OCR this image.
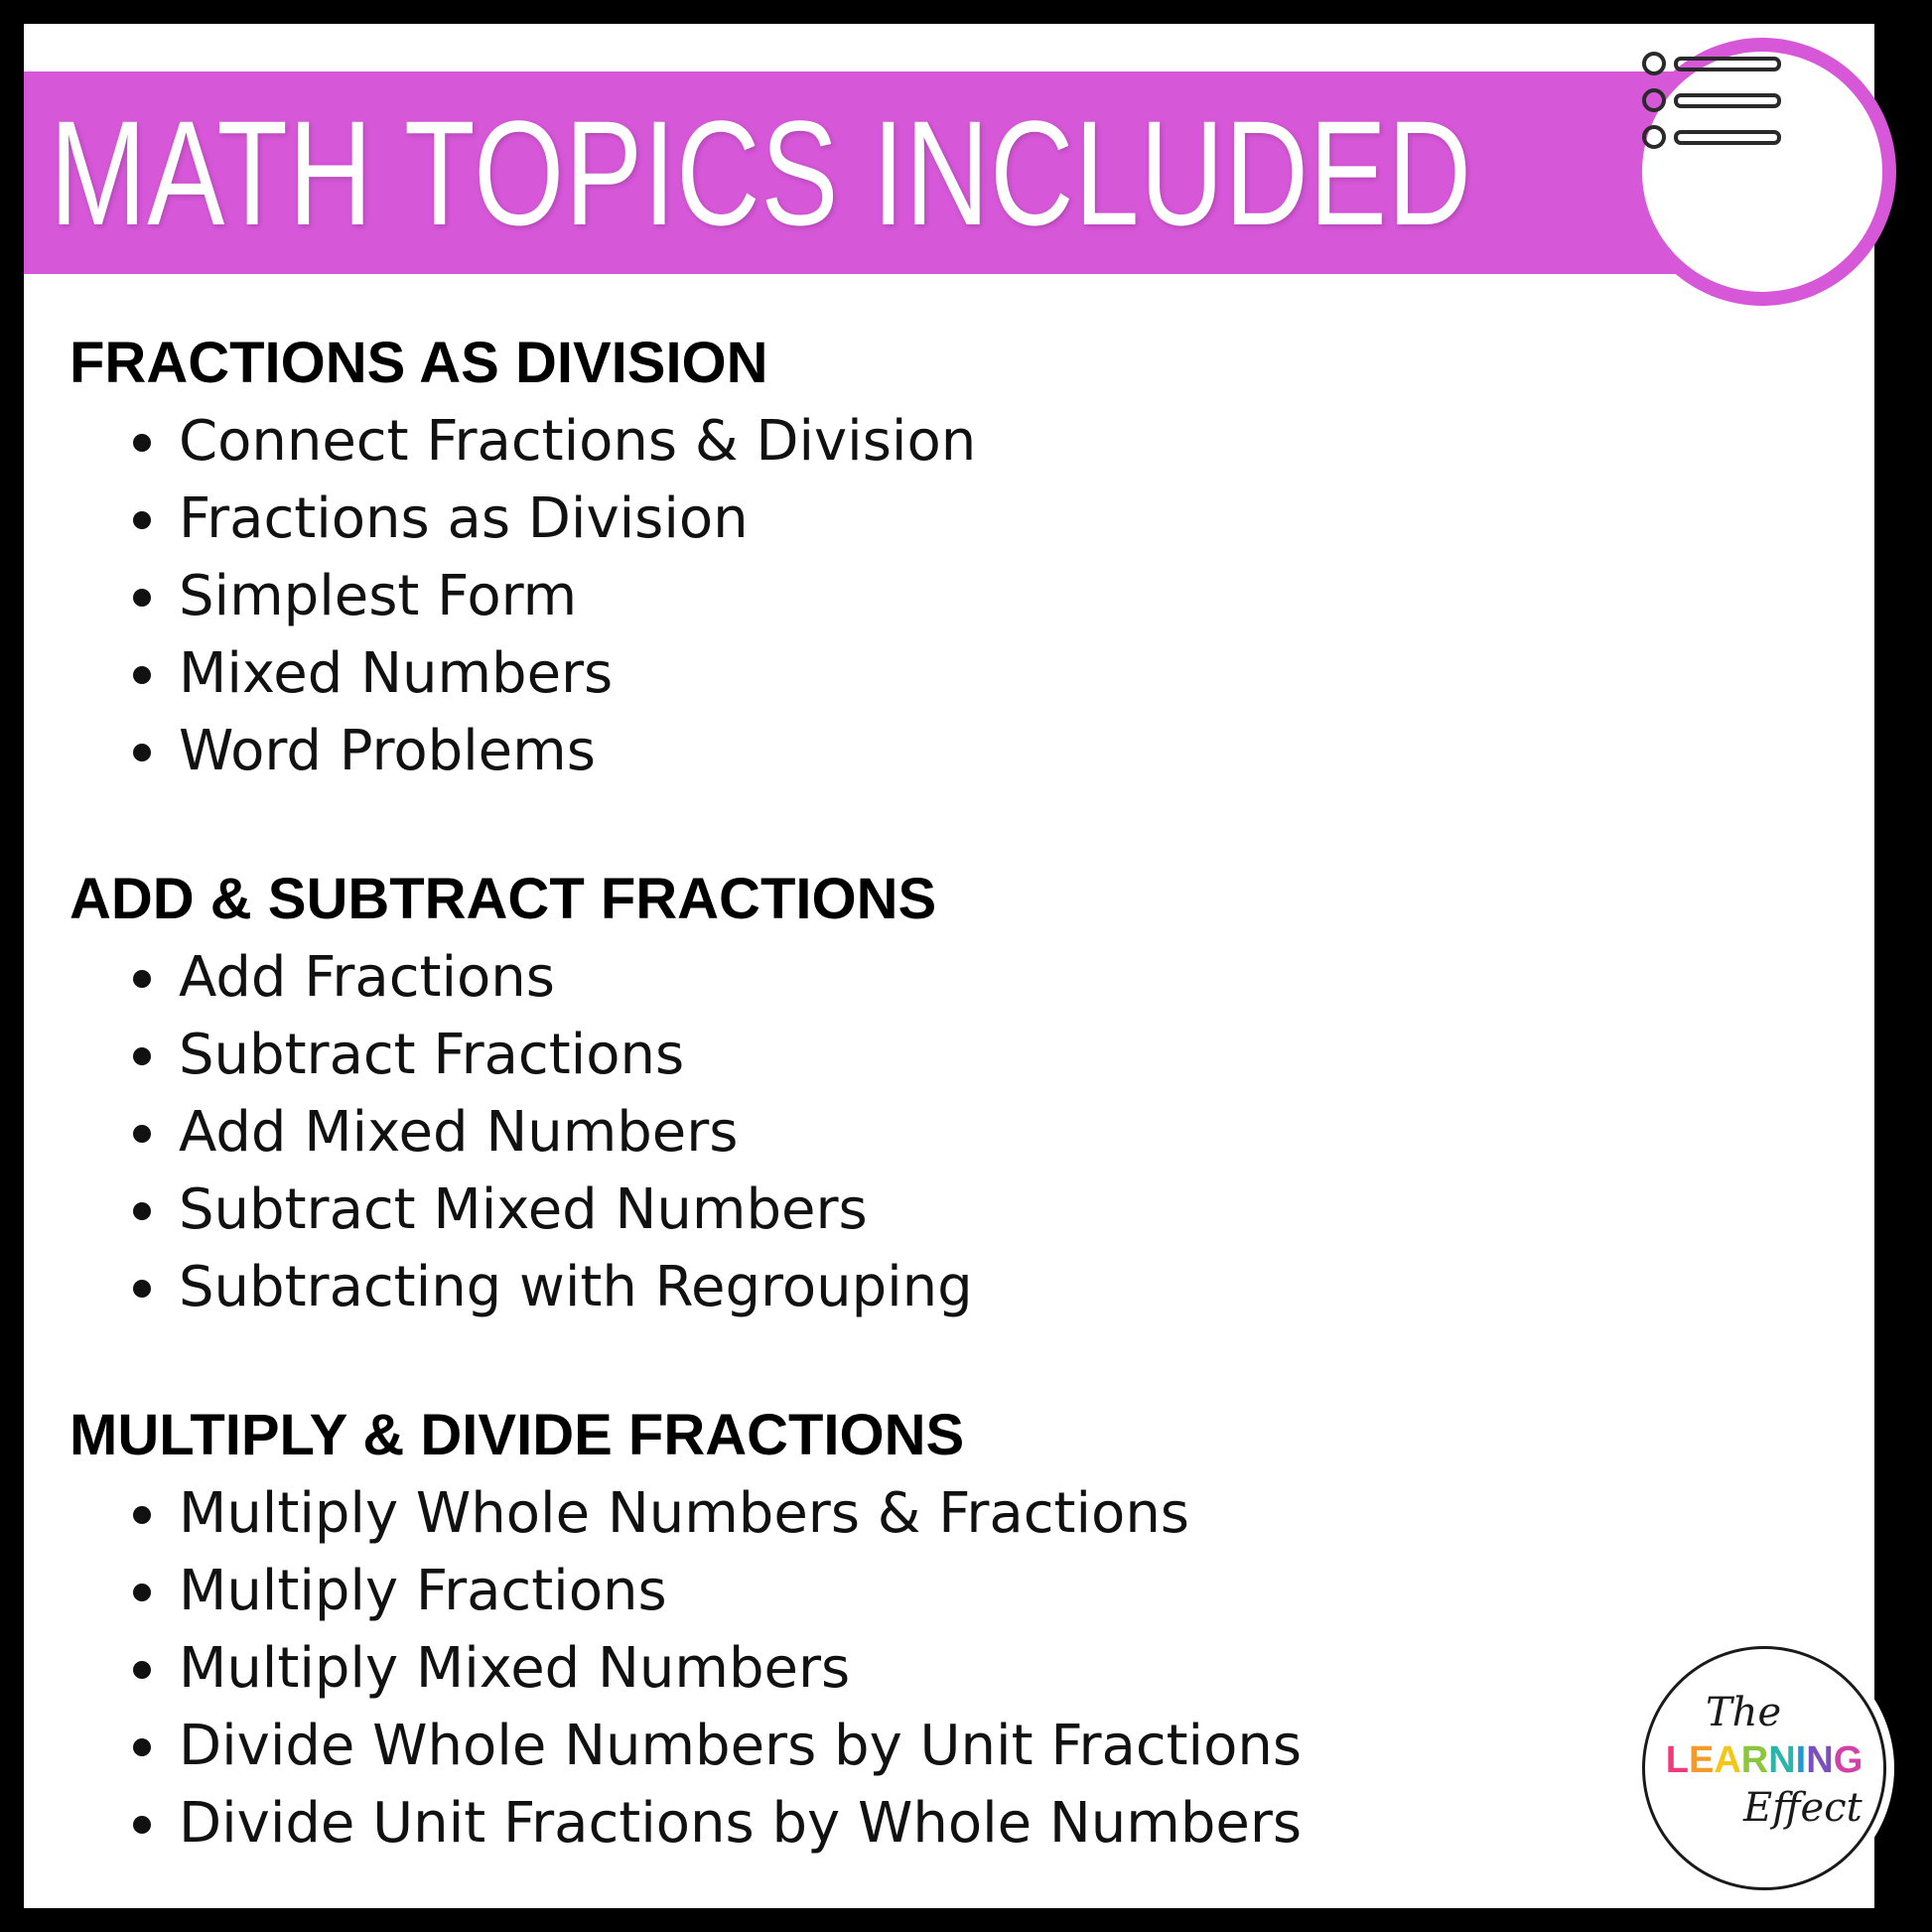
MATH TOPICS INCLUDED
FRACTIONS AS DIVISION
Connect Fractions & Division
Fractions as Division
Simplest Form
Mixed Numbers
Word Problems
ADD & SUBTRACT FRACTIONS
Add Fractions
Subtract Fractions
Add Mixed Numbers
Subtract Mixed Numbers
Subtracting with Regrouping
MULTIPLY & DIVIDE FRACTIONS
Multiply Whole Numbers & Fractions
Multiply Fractions
Multiply Mixed Numbers
Divide Whole Numbers by Unit Fractions
Divide Unit Fractions by Whole Numbers
The
LEARNING
Effect
